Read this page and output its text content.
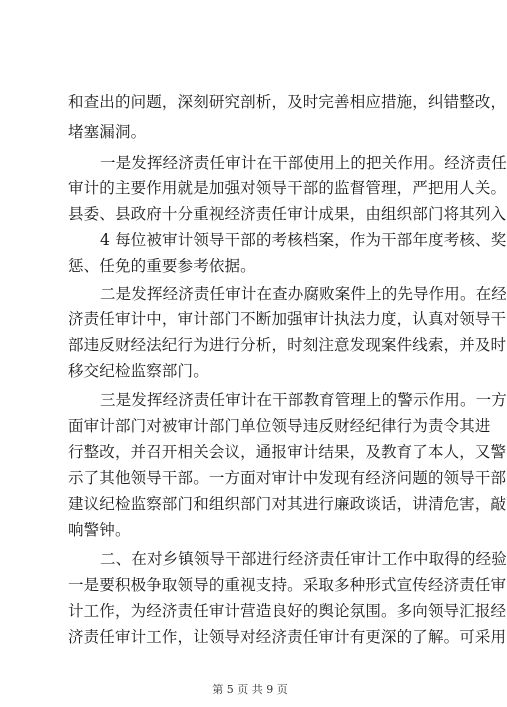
和查出的问题，深刻研究剖析，及时完善相应措施，纠错整改，
堵塞漏洞。
一是发挥经济责任审计在干部使用上的把关作用。经济责任
审计的主要作用就是加强对领导干部的监督管理，严把用人关。
县委、县政府十分重视经济责任审计成果，由组织部门将其列入
4 每位被审计领导干部的考核档案，作为干部年度考核、奖
惩、任免的重要参考依据。
二是发挥经济责任审计在查办腐败案件上的先导作用。在经
济责任审计中，审计部门不断加强审计执法力度，认真对领导干
部违反财经法纪行为进行分析，时刻注意发现案件线索，并及时
移交纪检监察部门。
三是发挥经济责任审计在干部教育管理上的警示作用。一方
面审计部门对被审计部门单位领导违反财经纪律行为责令其进
行整改，并召开相关会议，通报审计结果，及教育了本人，又警
示了其他领导干部。一方面对审计中发现有经济问题的领导干部
建议纪检监察部门和组织部门对其进行廉政谈话，讲清危害，敲
响警钟。
二、在对乡镇领导干部进行经济责任审计工作中取得的经验
一是要积极争取领导的重视支持。采取多种形式宣传经济责任审
计工作，为经济责任审计营造良好的舆论氛围。多向领导汇报经
济责任审计工作，让领导对经济责任审计有更深的了解。可采用
第 5 页 共 9 页
